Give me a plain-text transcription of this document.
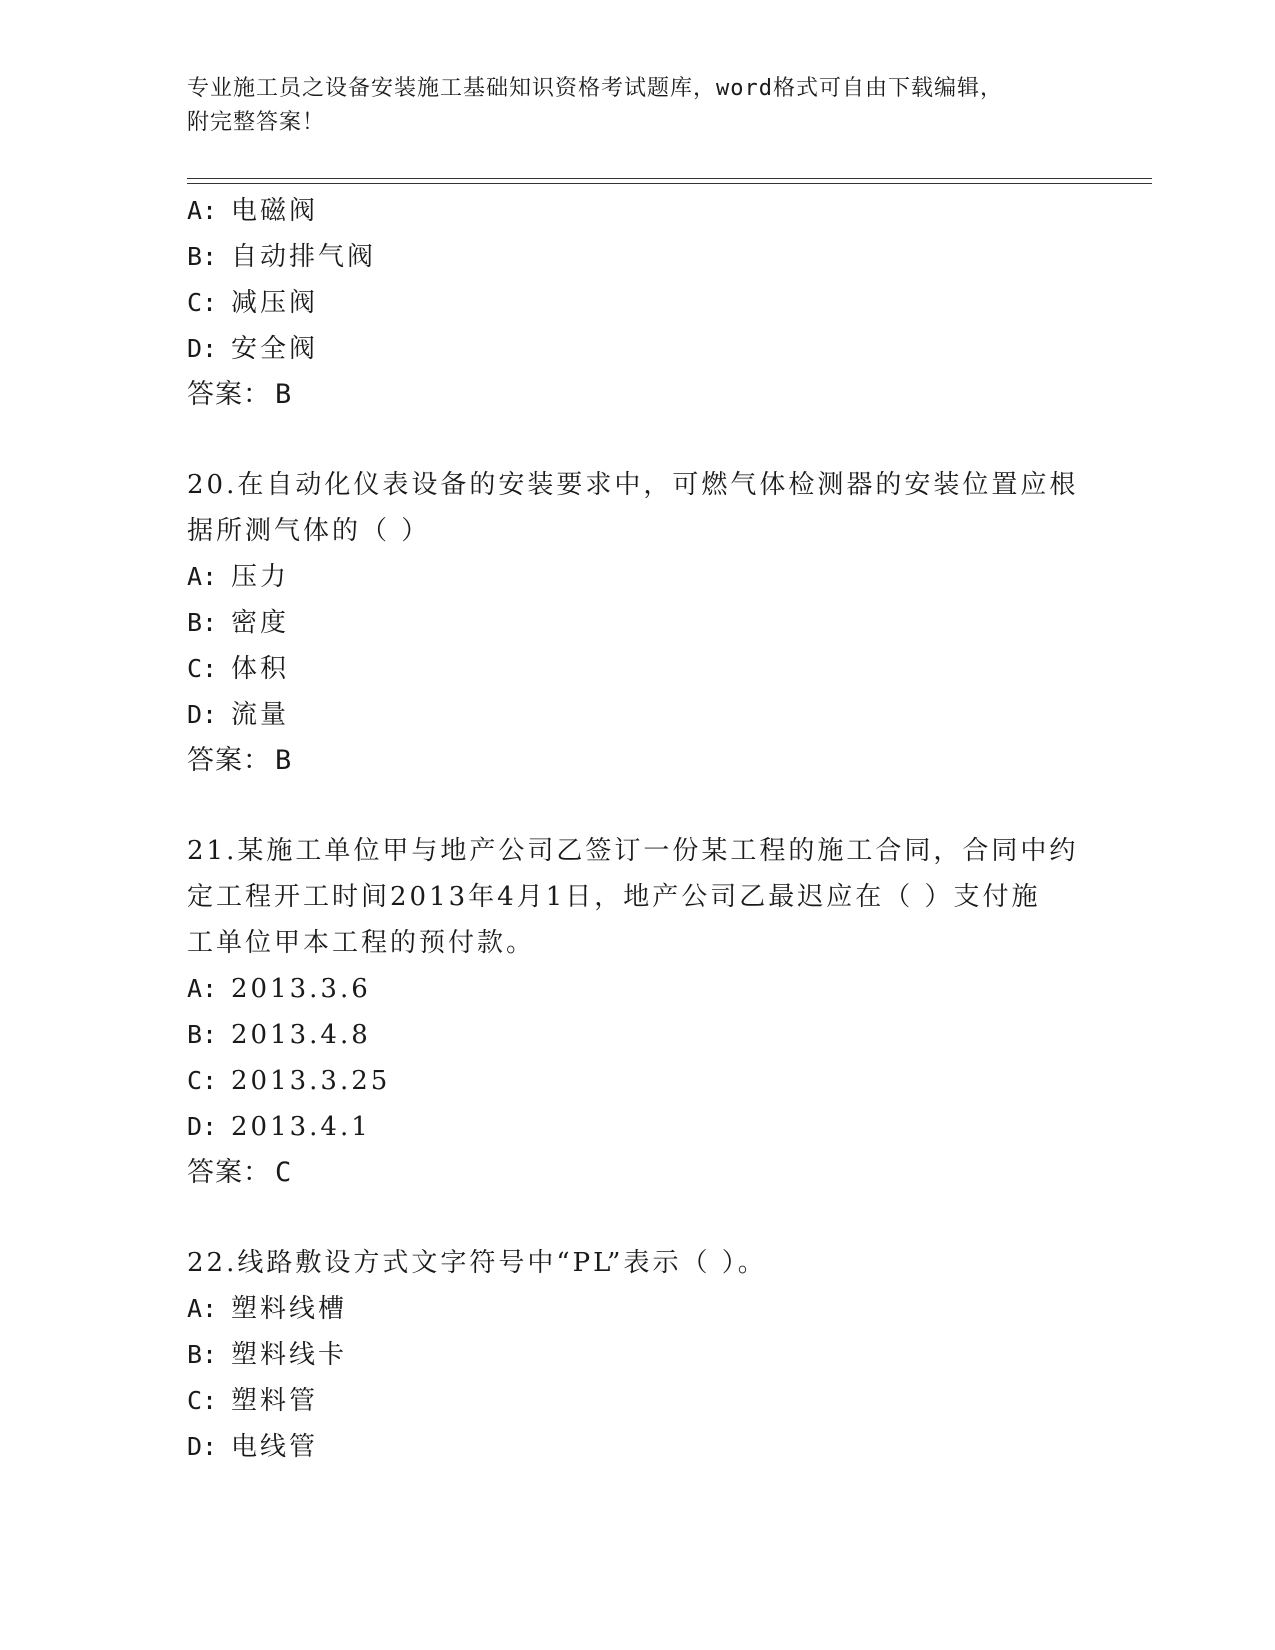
专业施工员之设备安装施工基础知识资格考试题库，word格式可自由下载编辑，
附完整答案！
A: 电磁阀
B: 自动排气阀
C: 减压阀
D: 安全阀
答案： B
20.在自动化仪表设备的安装要求中，可燃气体检测器的安装位置应根
据所测气体的（ ）
A: 压力
B: 密度
C: 体积
D: 流量
答案： B
21.某施工单位甲与地产公司乙签订一份某工程的施工合同，合同中约
定工程开工时间2013年4月1日，地产公司乙最迟应在（ ）支付施
工单位甲本工程的预付款。
A: 2013.3.6
B: 2013.4.8
C: 2013.3.25
D: 2013.4.1
答案： C
22.线路敷设方式文字符号中“PL”表示（ ）。
A: 塑料线槽
B: 塑料线卡
C: 塑料管
D: 电线管
